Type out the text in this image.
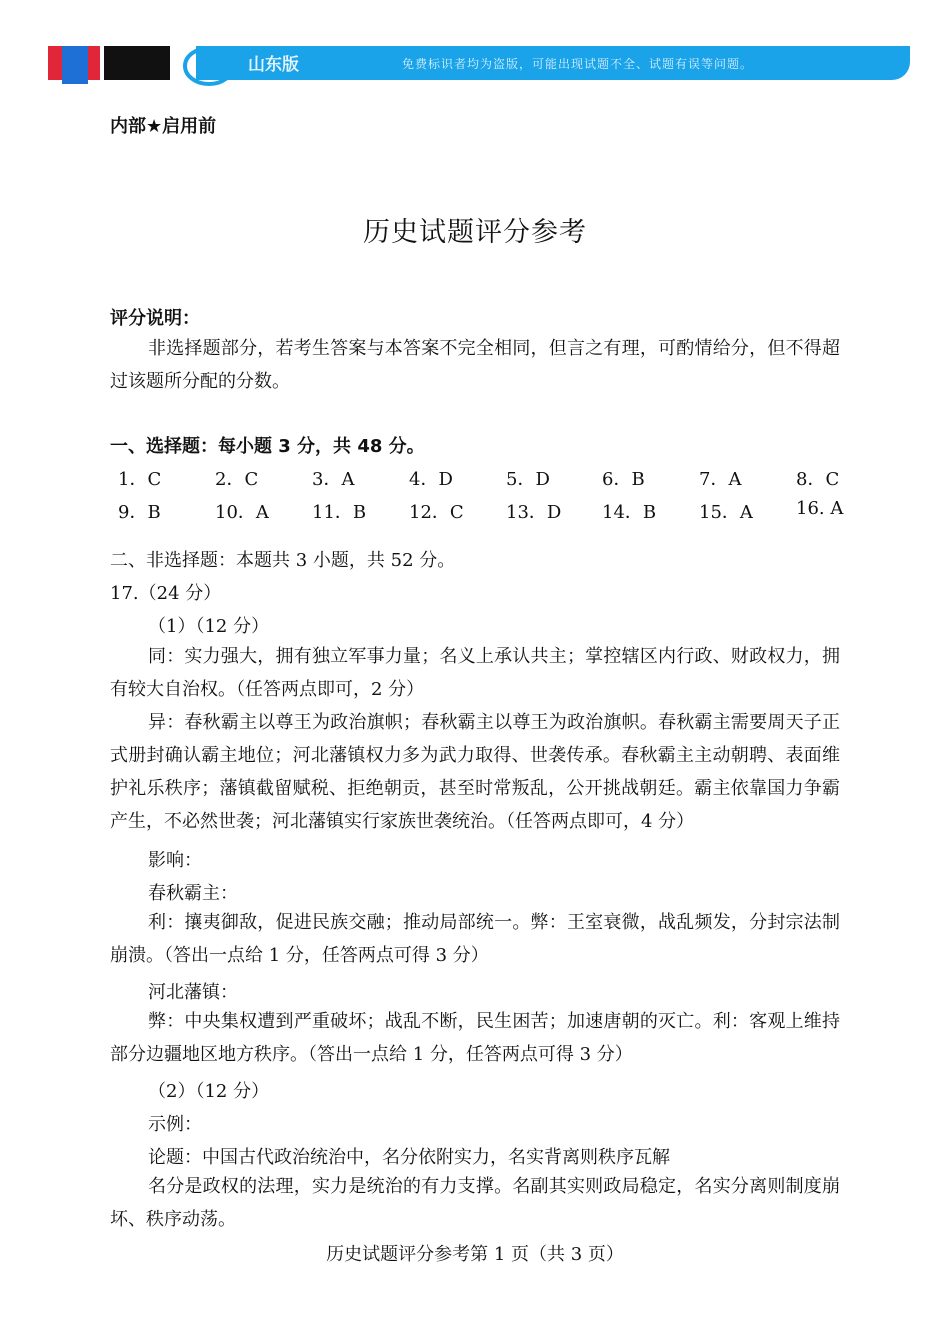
山东版	免费标识者均为盗版，可能出现试题不全、试题有误等问题。
内部★启用前
历史试题评分参考
评分说明：
非选择题部分，若考生答案与本答案不完全相同，但言之有理，可酌情给分，但不得超过该题所分配的分数。
一、选择题：每小题 3 分，共 48 分。
1．C	2．C	3．A	4．D	5．D	6．B	7．A	8．C
9．B	10．A 11．B 12．C 13．D 14．B 15．A 16. A
二、非选择题：本题共 3 小题，共 52 分。
17.（24 分）
（1）（12 分）
同：实力强大，拥有独立军事力量；名义上承认共主；掌控辖区内行政、财政权力，拥有较大自治权。（任答两点即可，2 分）
异：春秋霸主以尊王为政治旗帜；春秋霸主以尊王为政治旗帜。春秋霸主需要周天子正式册封确认霸主地位；河北藩镇权力多为武力取得、世袭传承。春秋霸主主动朝聘、表面维护礼乐秩序；藩镇截留赋税、拒绝朝贡，甚至时常叛乱，公开挑战朝廷。霸主依靠国力争霸产生，不必然世袭；河北藩镇实行家族世袭统治。（任答两点即可，4 分）
影响：
春秋霸主：
利：攘夷御敌，促进民族交融；推动局部统一。弊：王室衰微，战乱频发，分封宗法制崩溃。（答出一点给 1 分，任答两点可得 3 分）
河北藩镇：
弊：中央集权遭到严重破坏；战乱不断，民生困苦；加速唐朝的灭亡。利：客观上维持部分边疆地区地方秩序。（答出一点给 1 分，任答两点可得 3 分）
（2）（12 分）
示例：
论题：中国古代政治统治中，名分依附实力，名实背离则秩序瓦解
名分是政权的法理，实力是统治的有力支撑。名副其实则政局稳定，名实分离则制度崩坏、秩序动荡。
历史试题评分参考第 1 页（共 3 页）
